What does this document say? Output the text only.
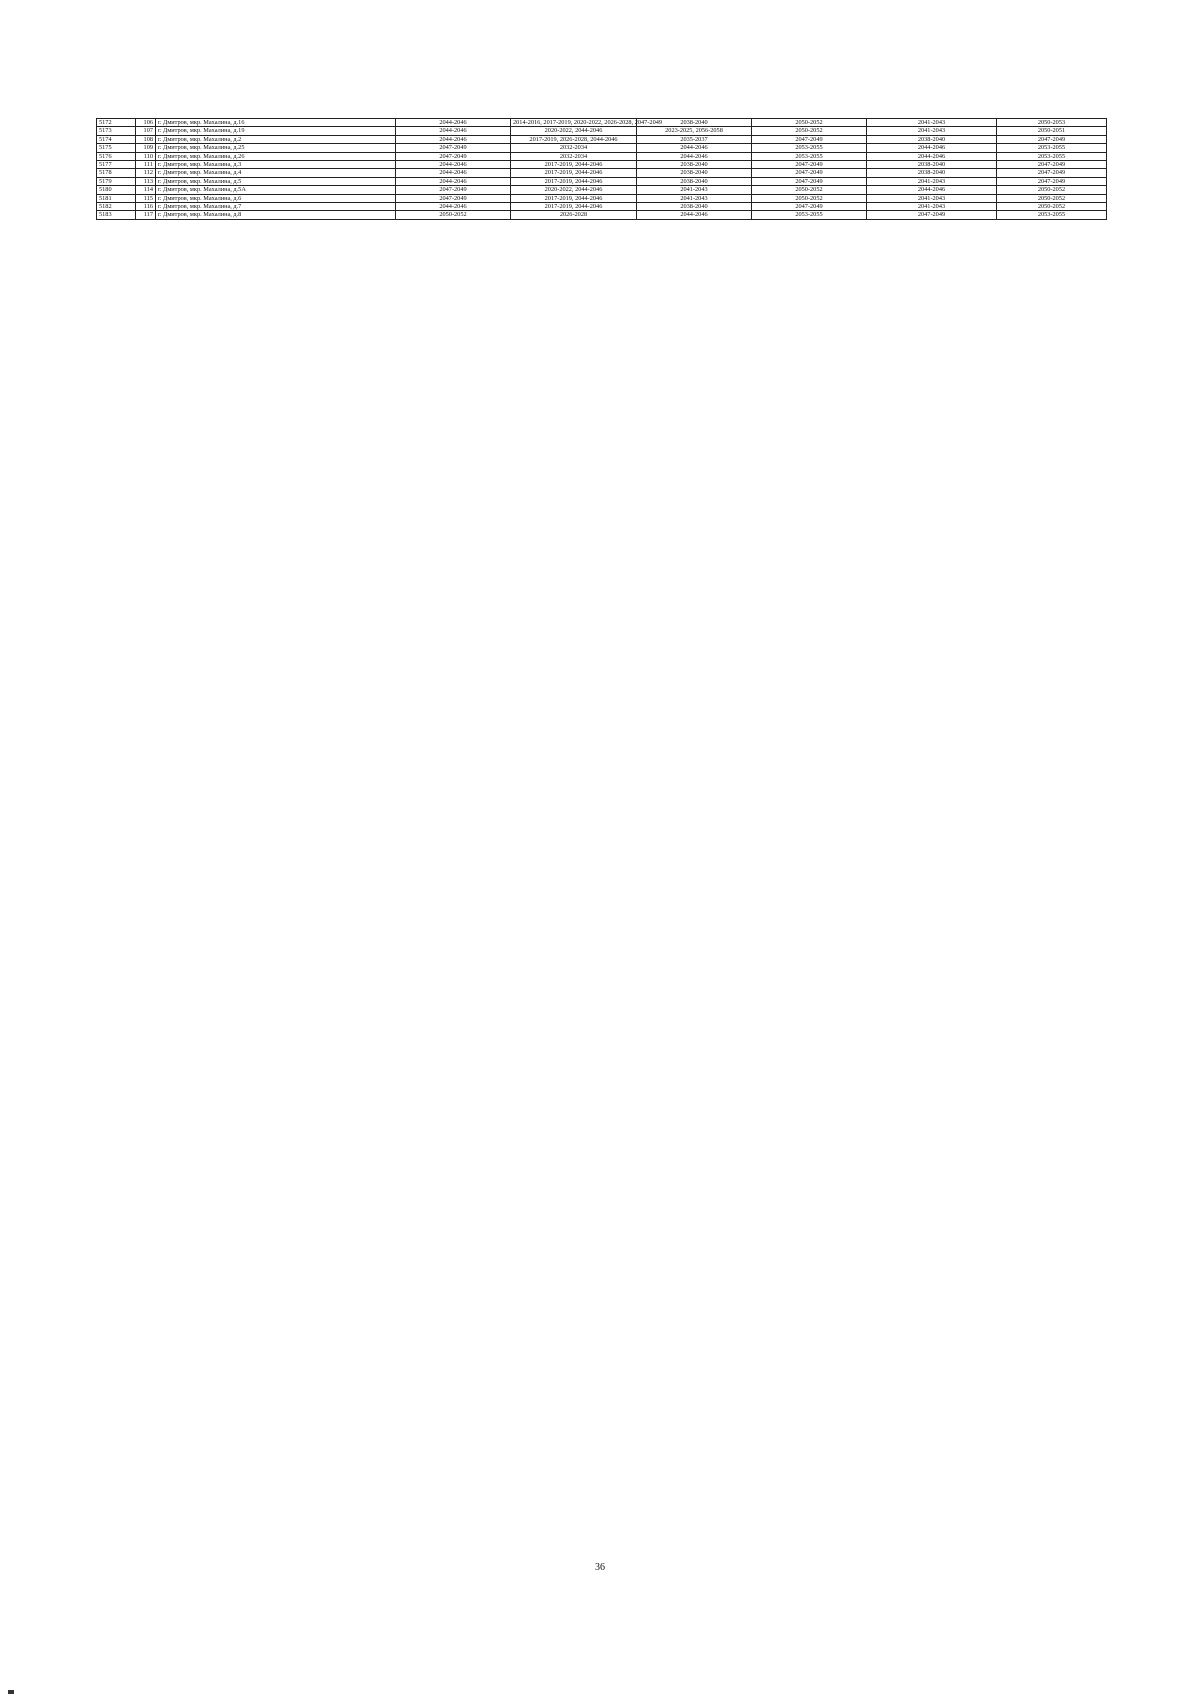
5172	106	г. Дмитров, мкр. Махалина, д.16	2044-2046	2014-2016, 2017-2019, 2020-2022, 2026-2028, 2047-2049	2038-2040	2050-2052	2041-2043	2050-2053
5173	107	г. Дмитров, мкр. Махалина, д.19	2044-2046	2020-2022, 2044-2046	2023-2025, 2056-2058	2050-2052	2041-2043	2050-2051
5174	108	г. Дмитров, мкр. Махалина, д.2	2044-2046	2017-2019, 2026-2028, 2044-2046	2035-2037	2047-2049	2038-2040	2047-2049
5175	109	г. Дмитров, мкр. Махалина, д.25	2047-2049	2032-2034	2044-2046	2053-2055	2044-2046	2053-2055
5176	110	г. Дмитров, мкр. Махалина, д.26	2047-2049	2032-2034	2044-2046	2053-2055	2044-2046	2053-2055
5177	111	г. Дмитров, мкр. Махалина, д.3	2044-2046	2017-2019, 2044-2046	2038-2040	2047-2049	2038-2040	2047-2049
5178	112	г. Дмитров, мкр. Махалина, д.4	2044-2046	2017-2019, 2044-2046	2038-2040	2047-2049	2038-2040	2047-2049
5179	113	г. Дмитров, мкр. Махалина, д.5	2044-2046	2017-2019, 2044-2046	2038-2040	2047-2049	2041-2043	2047-2049
5180	114	г. Дмитров, мкр. Махалина, д.5А	2047-2049	2020-2022, 2044-2046	2041-2043	2050-2052	2044-2046	2050-2052
5181	115	г. Дмитров, мкр. Махалина, д.6	2047-2049	2017-2019, 2044-2046	2041-2043	2050-2052	2041-2043	2050-2052
5182	116	г. Дмитров, мкр. Махалина, д.7	2044-2046	2017-2019, 2044-2046	2038-2040	2047-2049	2041-2043	2050-2052
5183	117	г. Дмитров, мкр. Махалина, д.8	2050-2052	2026-2028	2044-2046	2053-2055	2047-2049	2053-2055
36
